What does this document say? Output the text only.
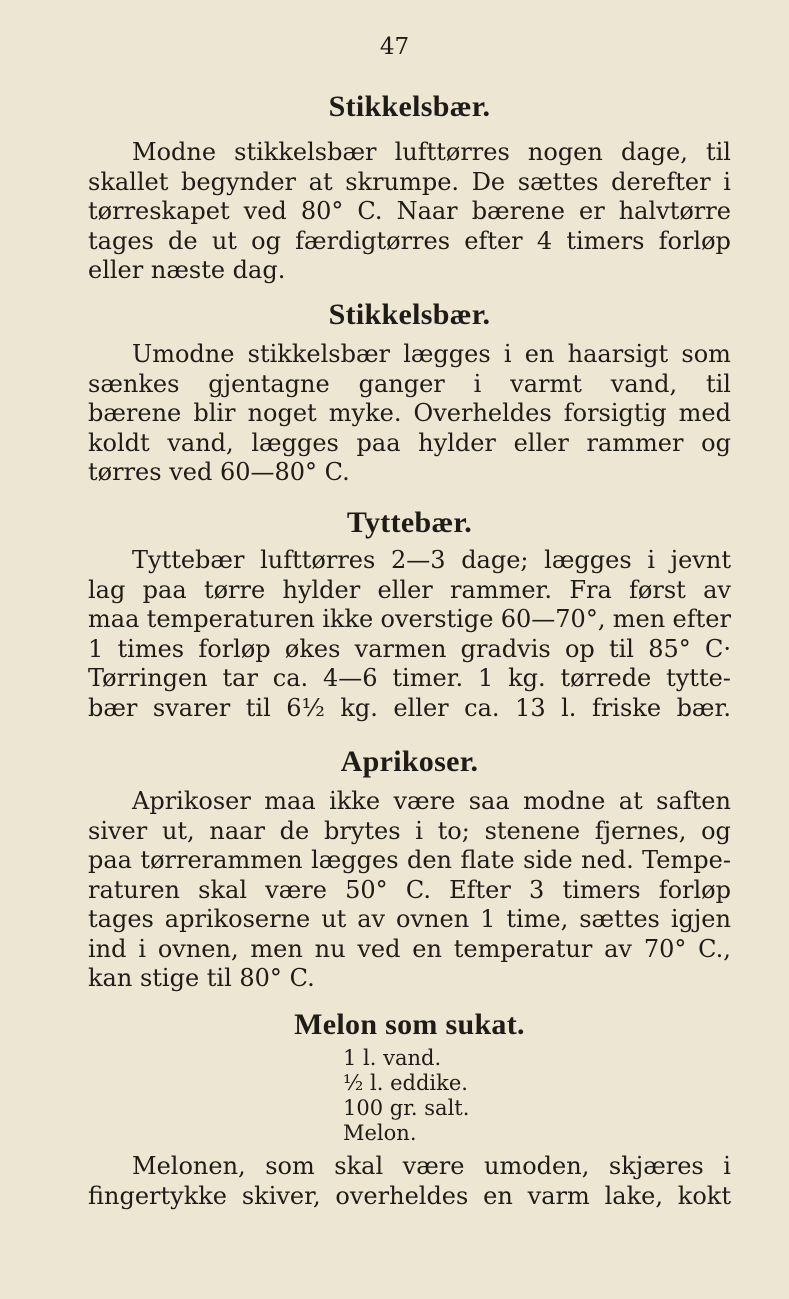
47
Stikkelsbær.
Modne stikkelsbær lufttørres nogen dage, til
skallet begynder at skrumpe. De sættes derefter i
tørreskapet ved 80° C. Naar bærene er halvtørre
tages de ut og færdigtørres efter 4 timers forløp
eller næste dag.
Stikkelsbær.
Umodne stikkelsbær lægges i en haarsigt som
sænkes gjentagne ganger i varmt vand, til
bærene blir noget myke. Overheldes forsigtig med
koldt vand, lægges paa hylder eller rammer og
tørres ved 60—80° C.
Tyttebær.
Tyttebær lufttørres 2—3 dage; lægges i jevnt
lag paa tørre hylder eller rammer. Fra først av
maa temperaturen ikke overstige 60—70°, men efter
1 times forløp økes varmen gradvis op til 85° C·
Tørringen tar ca. 4—6 timer. 1 kg. tørrede tytte-
bær svarer til 6½ kg. eller ca. 13 l. friske bær.
Aprikoser.
Aprikoser maa ikke være saa modne at saften
siver ut, naar de brytes i to; stenene fjernes, og
paa tørrerammen lægges den flate side ned. Tempe-
raturen skal være 50° C. Efter 3 timers forløp
tages aprikoserne ut av ovnen 1 time, sættes igjen
ind i ovnen, men nu ved en temperatur av 70° C.,
kan stige til 80° C.
Melon som sukat.
1 l. vand.
½ l. eddike.
100 gr. salt.
Melon.
Melonen, som skal være umoden, skjæres i
fingertykke skiver, overheldes en varm lake, kokt
